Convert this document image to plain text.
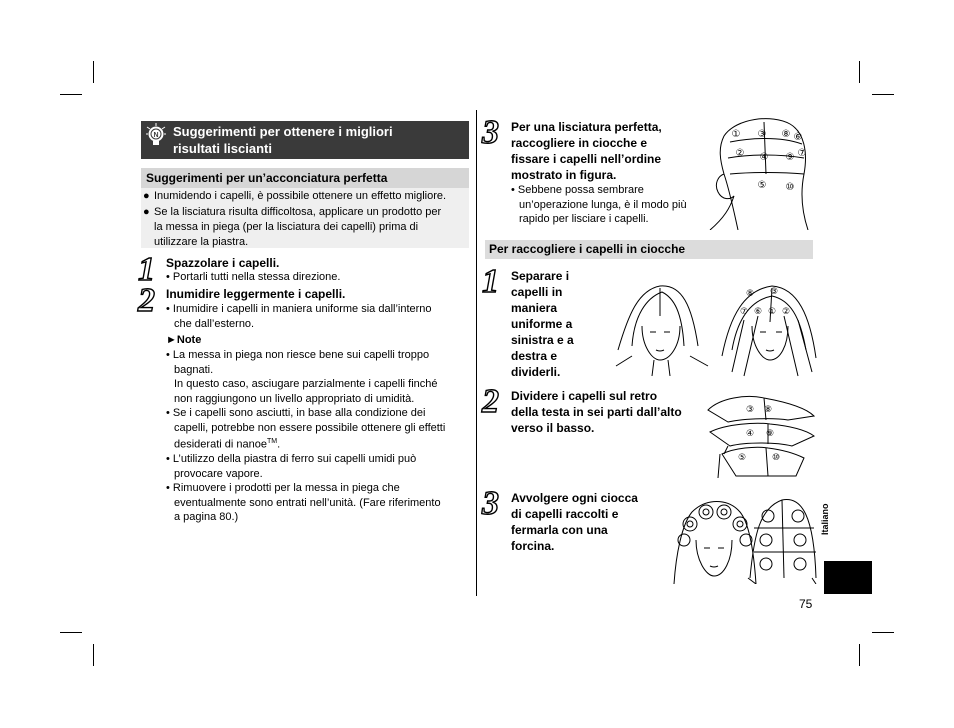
N Suggerimenti per ottenere i migliori
risultati liscianti
Suggerimenti per un’acconciatura perfetta
● Inumidendo i capelli, è possibile ottenere un effetto migliore.
● Se la lisciatura risulta difficoltosa, applicare un prodotto per
la messa in piega (per la lisciatura dei capelli) prima di
utilizzare la piastra.
1 Spazzolare i capelli.
• Portarli tutti nella stessa direzione.
2 Inumidire leggermente i capelli.
• Inumidire i capelli in maniera uniforme sia dall’interno
che dall’esterno.
►Note
• La messa in piega non riesce bene sui capelli troppo
bagnati.
In questo caso, asciugare parzialmente i capelli finché
non raggiungono un livello appropriato di umidità.
• Se i capelli sono asciutti, in base alla condizione dei
capelli, potrebbe non essere possibile ottenere gli effetti
desiderati di nanoe™.
• L’utilizzo della piastra di ferro sui capelli umidi può
provocare vapore.
• Rimuovere i prodotti per la messa in piega che
eventualmente sono entrati nell’unità. (Fare riferimento
a pagina 80.)
3 Per una lisciatura perfetta,
raccogliere in ciocche e
fissare i capelli nell’ordine
mostrato in figura.
• Sebbene possa sembrare
un’operazione lunga, è il modo più
rapido per lisciare i capelli.
① ③ ⑧ ⑥
② ④ ⑨ ⑦
⑤ ⑩
Per raccogliere i capelli in ciocche
1 Separare i
capelli in
maniera
uniforme a
sinistra e a
destra e
dividerli.
⑧ ③
⑦ ⑥ ① ②
2 Dividere i capelli sul retro
della testa in sei parti dall’alto
verso il basso.
③ ⑧
④ ⑨
⑤	⑩
3 Avvolgere ogni ciocca
di capelli raccolti e
fermarla con una
forcina.
Italiano
75
